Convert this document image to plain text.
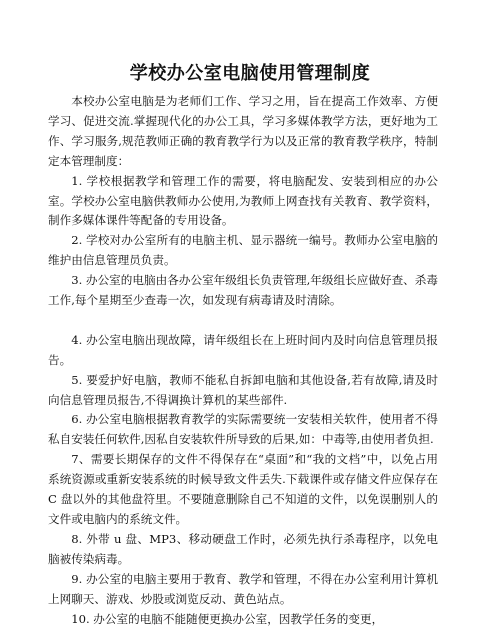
学校办公室电脑使用管理制度

本校办公室电脑是为老师们工作、学习之用，旨在提高工作效率、方便学习、促进交流.掌握现代化的办公工具，学习多媒体教学方法，更好地为工作、学习服务,规范教师正确的教育教学行为以及正常的教育教学秩序，特制定本管理制度：

1. 学校根据教学和管理工作的需要，将电脑配发、安装到相应的办公室。学校办公室电脑供教师办公使用,为教师上网查找有关教育、教学资料，制作多媒体课件等配备的专用设备。

2. 学校对办公室所有的电脑主机、显示器统一编号。教师办公室电脑的维护由信息管理员负责。

3. 办公室的电脑由各办公室年级组长负责管理,年级组长应做好查、杀毒工作,每个星期至少查毒一次，如发现有病毒请及时清除。

4. 办公室电脑出现故障，请年级组长在上班时间内及时向信息管理员报告。

5. 要爱护好电脑，教师不能私自拆卸电脑和其他设备,若有故障,请及时向信息管理员报告,不得调换计算机的某些部件.

6. 办公室电脑根据教育教学的实际需要统一安装相关软件，使用者不得私自安装任何软件,因私自安装软件所导致的后果,如：中毒等,由使用者负担.

7、需要长期保存的文件不得保存在“桌面”和“我的文档”中，以免占用系统资源或重新安装系统的时候导致文件丢失.下载课件或存储文件应保存在 C 盘以外的其他盘符里。不要随意删除自己不知道的文件，以免误删别人的文件或电脑内的系统文件。

8. 外带 u 盘、MP3、移动硬盘工作时，必须先执行杀毒程序，以免电脑被传染病毒。

9. 办公室的电脑主要用于教育、教学和管理，不得在办公室利用计算机上网聊天、游戏、炒股或浏览反动、黄色站点。

10. 办公室的电脑不能随便更换办公室，因教学任务的变更，
